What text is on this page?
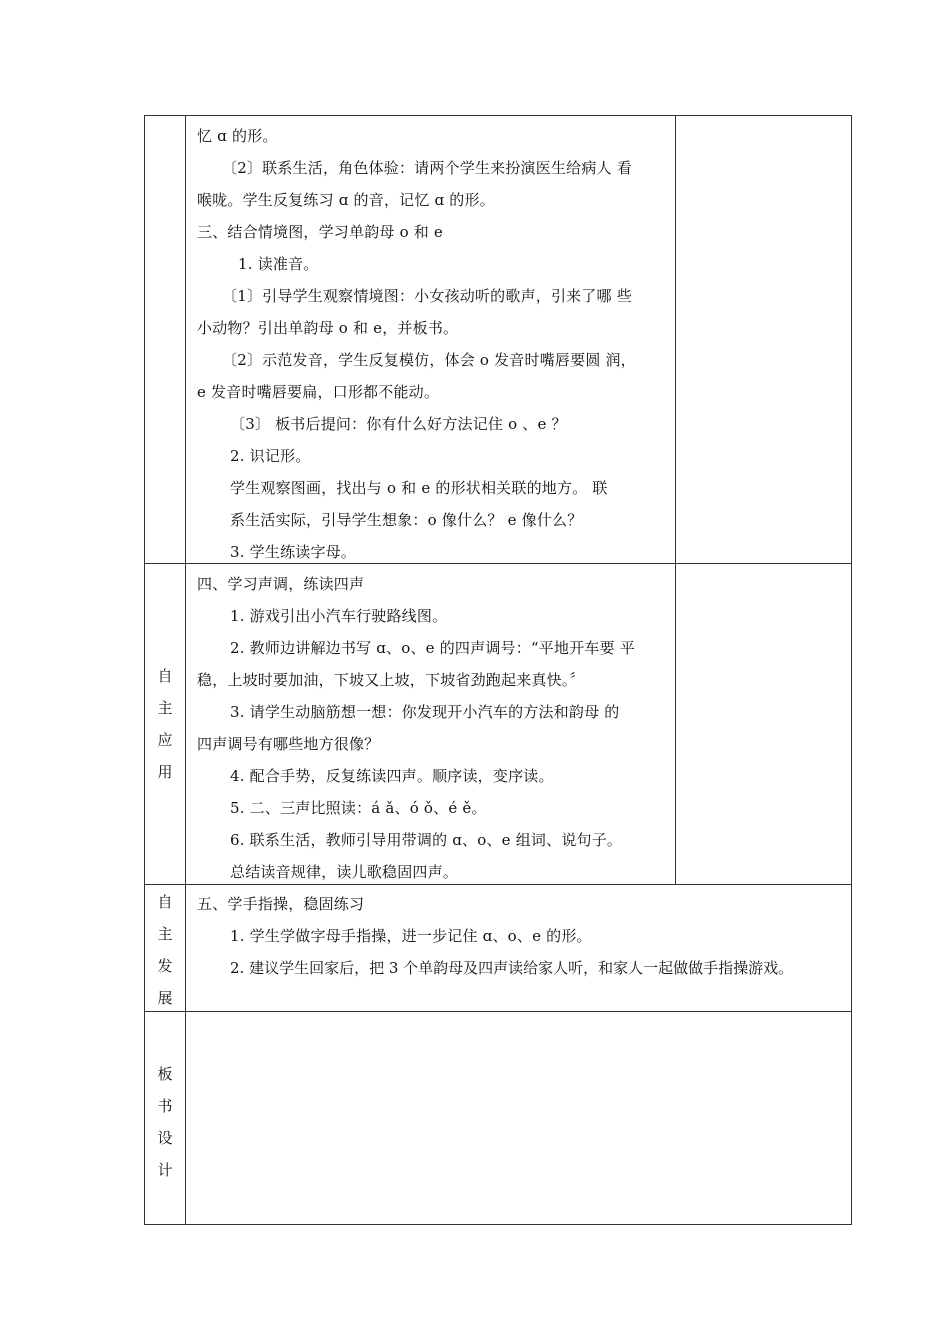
忆 ɑ 的形。
〔2〕联系生活，角色体验：请两个学生来扮演医生给病人 看
喉咙。学生反复练习 ɑ 的音，记忆 ɑ 的形。
三、结合情境图，学习单韵母 o 和 e
1. 读准音。
〔1〕引导学生观察情境图：小女孩动听的歌声，引来了哪 些
小动物？引出单韵母 o 和 e，并板书。
〔2〕示范发音，学生反复模仿，体会 o 发音时嘴唇要圆 润，
e 发音时嘴唇要扁，口形都不能动。
〔3〕 板书后提问：你有什么好方法记住 o 、e ？
2. 识记形。
学生观察图画，找出与 o 和 e 的形状相关联的地方。 联
系生活实际，引导学生想象：o 像什么？ e 像什么？
3. 学生练读字母。
自
主
应
用
四、学习声调，练读四声
1. 游戏引出小汽车行驶路线图。
2. 教师边讲解边书写 ɑ、o、e 的四声调号：“平地开车要 平
稳，上坡时要加油，下坡又上坡，下坡省劲跑起来真快。〞
3. 请学生动脑筋想一想：你发现开小汽车的方法和韵母 的
四声调号有哪些地方很像？
4. 配合手势，反复练读四声。顺序读，变序读。
5. 二、三声比照读：á ǎ、ó ǒ、é ě。
6. 联系生活，教师引导用带调的 ɑ、o、e 组词、说句子。
总结读音规律，读儿歌稳固四声。
自
主
发
展
五、学手指操，稳固练习
1. 学生学做字母手指操，进一步记住 ɑ、o、e 的形。
2. 建议学生回家后，把 3 个单韵母及四声读给家人听，和家人一起做做手指操游戏。
板
书
设
计
